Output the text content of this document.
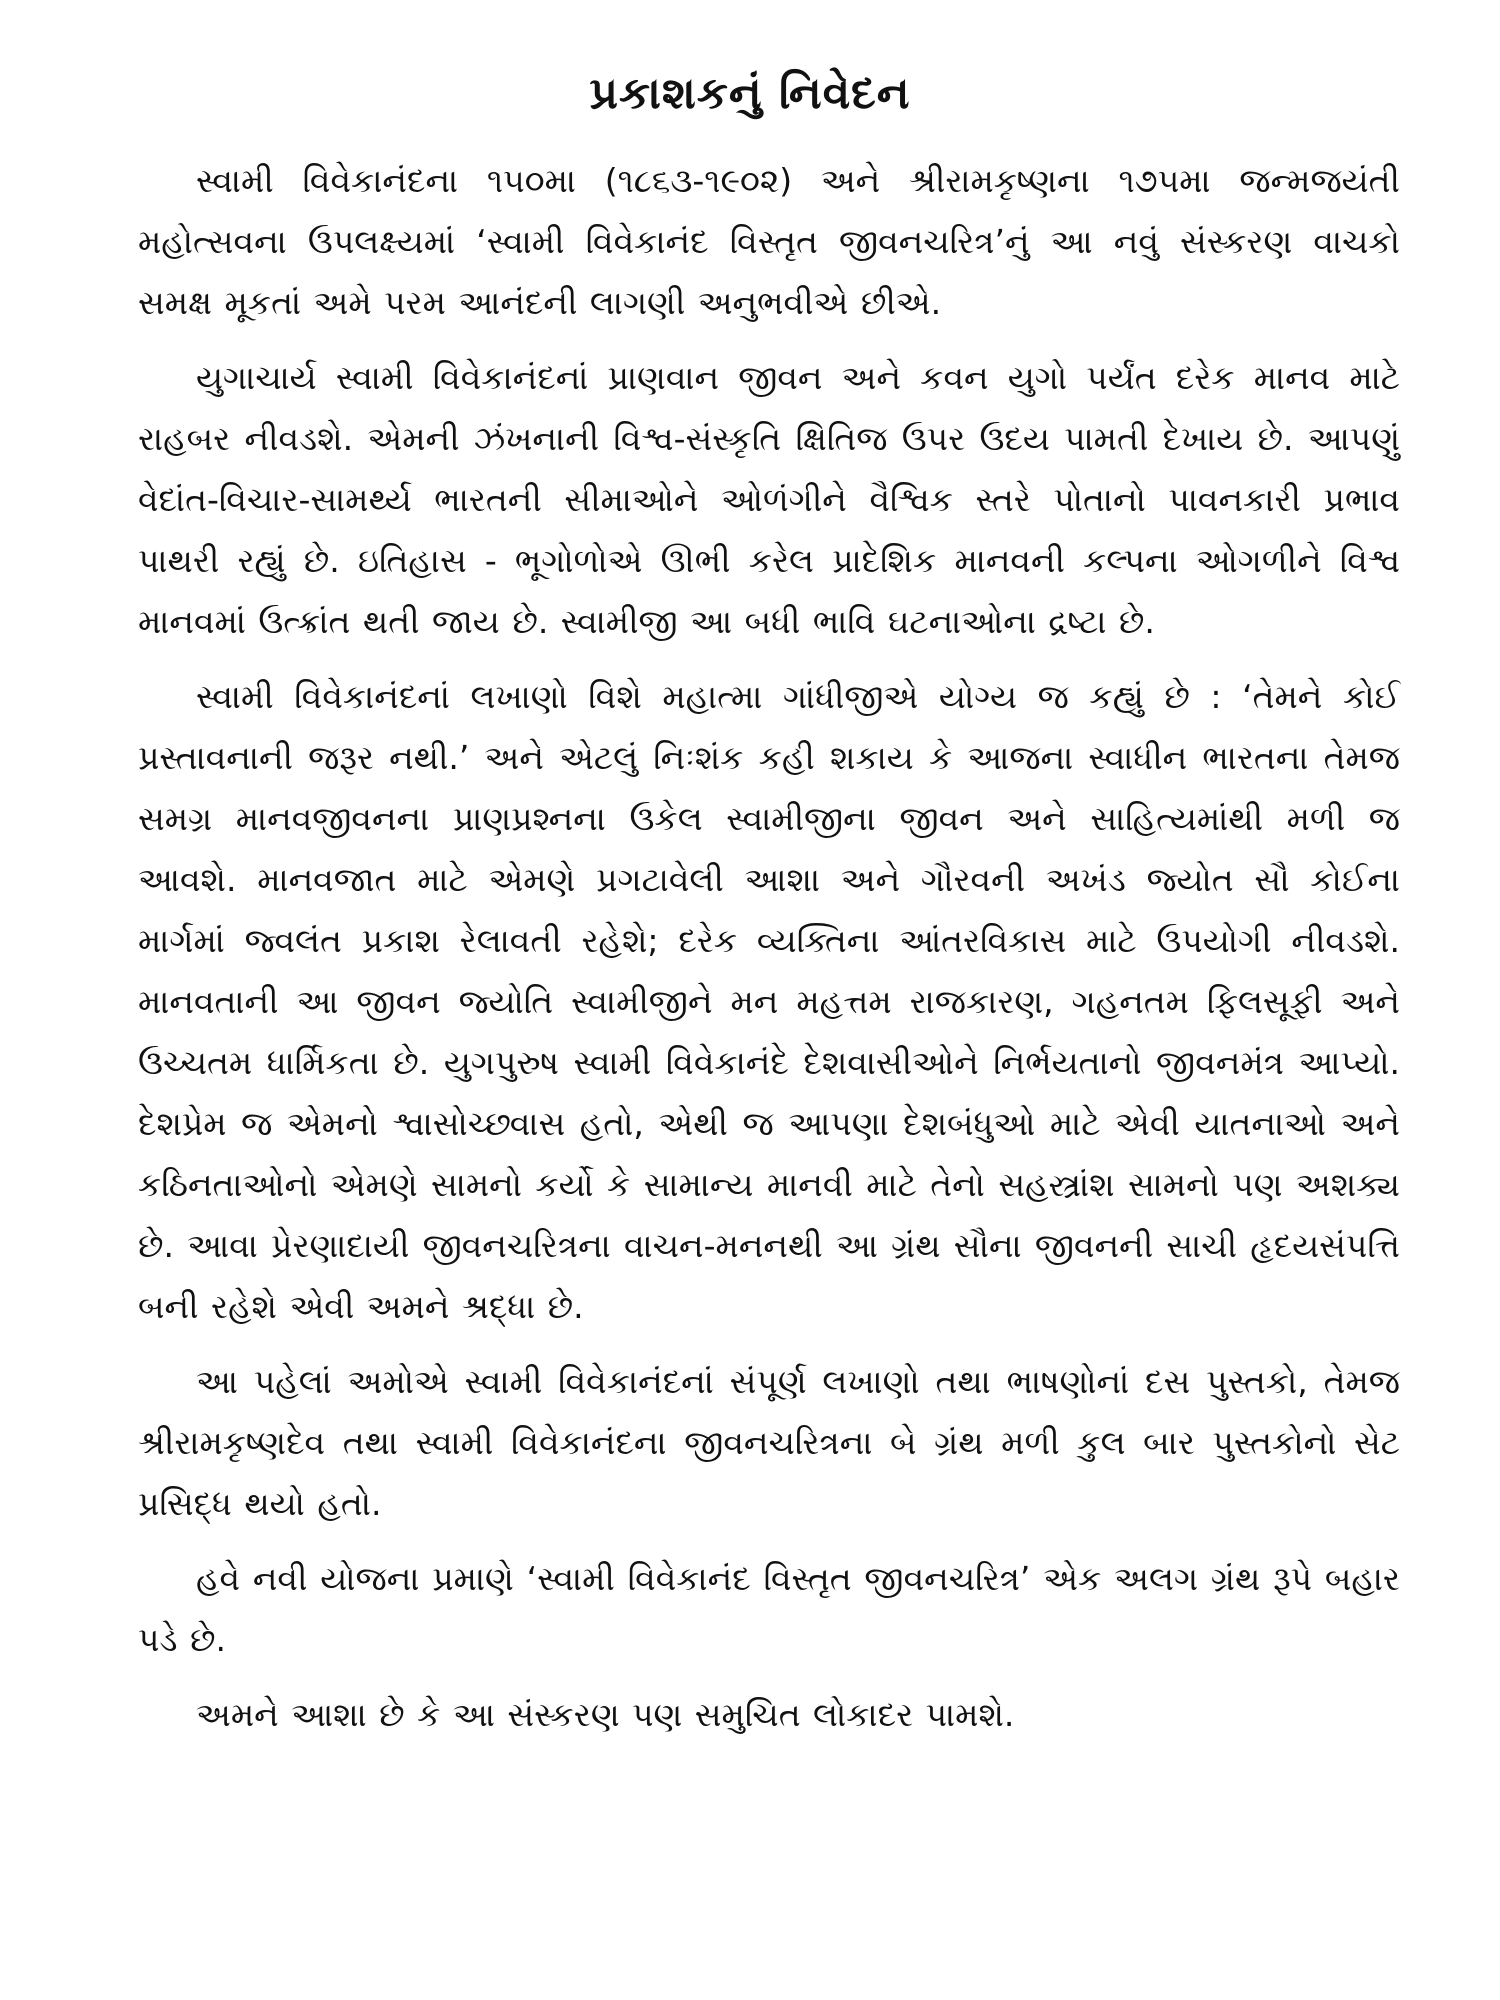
પ્રકાશકનું નિવેદન

સ્વામી વિવેકાનંદના ૧૫૦મા (૧૮૬૩-૧૯૦૨) અને શ્રીરામકૃષ્ણના ૧૭૫મા જન્મજયંતી મહોત્સવના ઉપલક્ષ્યમાં ‘સ્વામી વિવેકાનંદ વિસ્તૃત જીવનચરિત્ર’નું આ નવું સંસ્કરણ વાચકો સમક્ષ મૂકતાં અમે પરમ આનંદની લાગણી અનુભવીએ છીએ.

યુગાચાર્ય સ્વામી વિવેકાનંદનાં પ્રાણવાન જીવન અને કવન યુગો પર્યંત દરેક માનવ માટે રાહબર નીવડશે. એમની ઝંખનાની વિશ્વ-સંસ્કૃતિ ક્ષિતિજ ઉપર ઉદય પામતી દેખાય છે. આપણું વેદાંત-વિચાર-સામર્થ્ય ભારતની સીમાઓને ઓળંગીને વૈશ્વિક સ્તરે પોતાનો પાવનકારી પ્રભાવ પાથરી રહ્યું છે. ઇતિહાસ - ભૂગોળોએ ઊભી કરેલ પ્રાદેશિક માનવની કલ્પના ઓગળીને વિશ્વ માનવમાં ઉત્ક્રાંત થતી જાય છે. સ્વામીજી આ બધી ભાવિ ઘટનાઓના દ્રષ્ટા છે.

સ્વામી વિવેકાનંદનાં લખાણો વિશે મહાત્મા ગાંધીજીએ યોગ્ય જ કહ્યું છે : ‘તેમને કોઈ પ્રસ્તાવનાની જરૂર નથી.’ અને એટલું નિઃશંક કહી શકાય કે આજના સ્વાધીન ભારતના તેમજ સમગ્ર માનવજીવનના પ્રાણપ્રશ્નના ઉકેલ સ્વામીજીના જીવન અને સાહિત્યમાંથી મળી જ આવશે. માનવજાત માટે એમણે પ્રગટાવેલી આશા અને ગૌરવની અખંડ જ્યોત સૌ કોઈના માર્ગમાં જ્વલંત પ્રકાશ રેલાવતી રહેશે; દરેક વ્યક્તિના આંતરવિકાસ માટે ઉપયોગી નીવડશે. માનવતાની આ જીવન જ્યોતિ સ્વામીજીને મન મહત્તમ રાજકારણ, ગહનતમ ફિલસૂફી અને ઉચ્ચતમ ધાર્મિકતા છે. યુગપુરુષ સ્વામી વિવેકાનંદે દેશવાસીઓને નિર્ભયતાનો જીવનમંત્ર આપ્યો. દેશપ્રેમ જ એમનો શ્વાસોચ્છ્વાસ હતો, એથી જ આપણા દેશબંધુઓ માટે એવી યાતનાઓ અને કઠિનતાઓનો એમણે સામનો કર્યો કે સામાન્ય માનવી માટે તેનો સહસ્ત્રાંશ સામનો પણ અશક્ય છે. આવા પ્રેરણાદાયી જીવનચરિત્રના વાચન-મનનથી આ ગ્રંથ સૌના જીવનની સાચી હૃદયસંપત્તિ બની રહેશે એવી અમને શ્રદ્ધા છે.

આ પહેલાં અમોએ સ્વામી વિવેકાનંદનાં સંપૂર્ણ લખાણો તથા ભાષણોનાં દસ પુસ્તકો, તેમજ શ્રીરામકૃષ્ણદેવ તથા સ્વામી વિવેકાનંદના જીવનચરિત્રના બે ગ્રંથ મળી કુલ બાર પુસ્તકોનો સેટ પ્રસિદ્ધ થયો હતો.

હવે નવી યોજના પ્રમાણે ‘સ્વામી વિવેકાનંદ વિસ્તૃત જીવનચરિત્ર’ એક અલગ ગ્રંથ રૂપે બહાર પડે છે.

અમને આશા છે કે આ સંસ્કરણ પણ સમુચિત લોકાદર પામશે.
